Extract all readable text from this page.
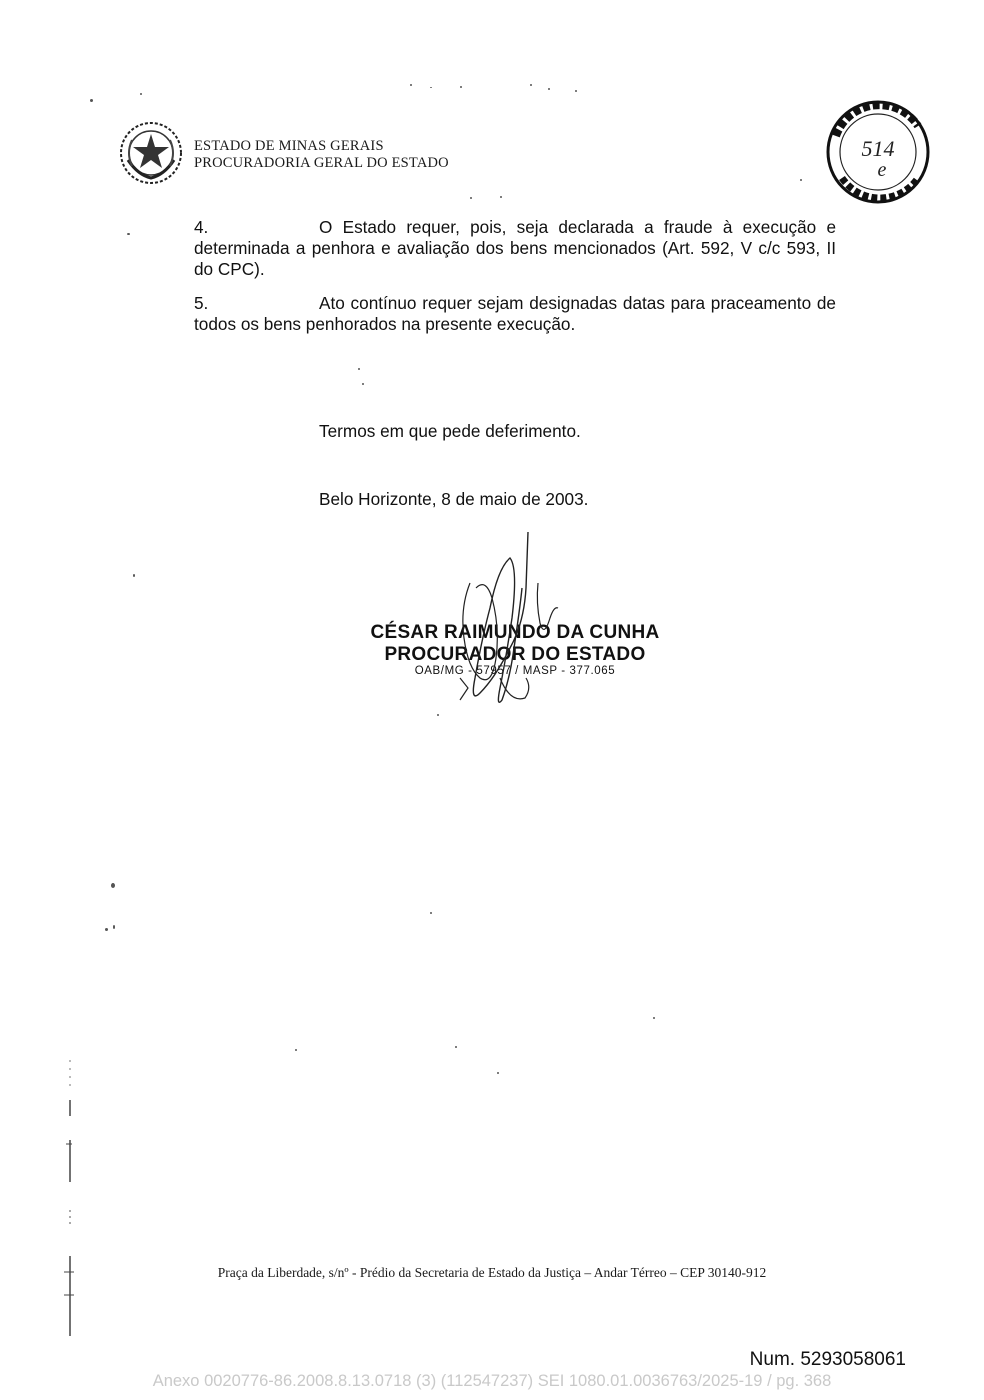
ESTADO DE MINAS GERAIS
PROCURADORIA GERAL DO ESTADO
514
e
4.	O Estado requer, pois, seja declarada a fraude à execução e determinada a penhora e avaliação dos bens mencionados (Art. 592, V c/c 593, II do CPC).
5.	Ato contínuo requer sejam designadas datas para praceamento de todos os bens penhorados na presente execução.
Termos em que pede deferimento.
Belo Horizonte, 8 de maio de 2003.
CÉSAR RAIMUNDO DA CUNHA
PROCURADOR DO ESTADO
OAB/MG - 57957 / MASP - 377.065
Praça da Liberdade, s/nº - Prédio da Secretaria de Estado da Justiça – Andar Térreo – CEP 30140-912
Num. 5293058061
Anexo 0020776-86.2008.8.13.0718 (3) (112547237) SEI 1080.01.0036763/2025-19 / pg. 368
